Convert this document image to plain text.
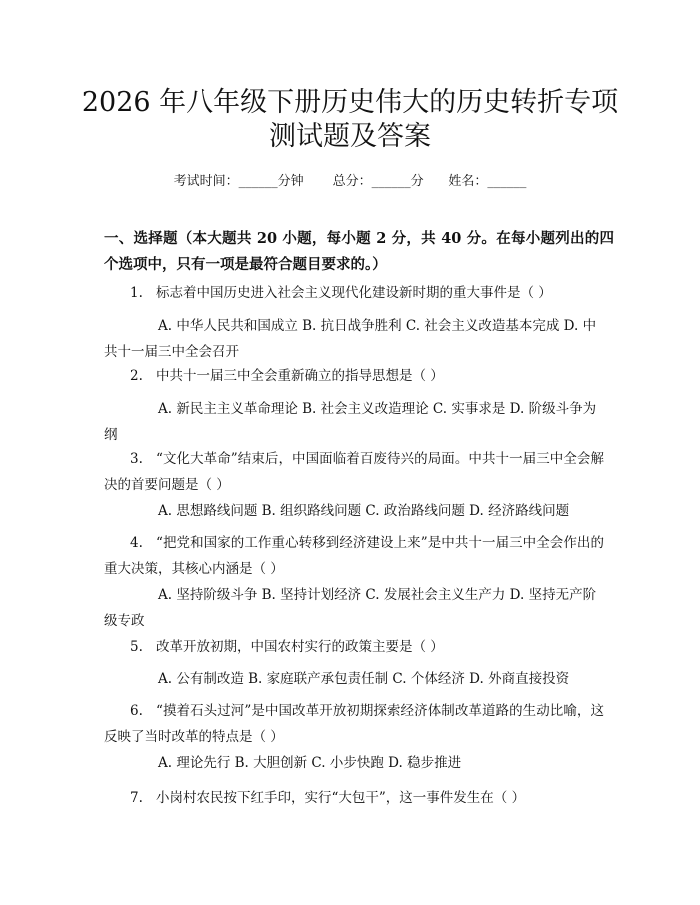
2026 年八年级下册历史伟大的历史转折专项
测试题及答案
考试时间：______分钟 总分：______分 姓名：______

一、选择题（本大题共 20 小题，每小题 2 分，共 40 分。在每小题列出的四个选项中，只有一项是最符合题目要求的。）

1. 标志着中国历史进入社会主义现代化建设新时期的重大事件是（ ）

A. 中华人民共和国成立 B. 抗日战争胜利 C. 社会主义改造基本完成 D. 中共十一届三中全会召开

2. 中共十一届三中全会重新确立的指导思想是（ ）

A. 新民主主义革命理论 B. 社会主义改造理论 C. 实事求是 D. 阶级斗争为纲

3. “文化大革命”结束后，中国面临着百废待兴的局面。中共十一届三中全会解决的首要问题是（ ）

A. 思想路线问题 B. 组织路线问题 C. 政治路线问题 D. 经济路线问题

4. “把党和国家的工作重心转移到经济建设上来”是中共十一届三中全会作出的重大决策，其核心内涵是（ ）

A. 坚持阶级斗争 B. 坚持计划经济 C. 发展社会主义生产力 D. 坚持无产阶级专政

5. 改革开放初期，中国农村实行的政策主要是（ ）

A. 公有制改造 B. 家庭联产承包责任制 C. 个体经济 D. 外商直接投资

6. “摸着石头过河”是中国改革开放初期探索经济体制改革道路的生动比喻，这反映了当时改革的特点是（ ）

A. 理论先行 B. 大胆创新 C. 小步快跑 D. 稳步推进

7. 小岗村农民按下红手印，实行“大包干”，这一事件发生在（ ）
